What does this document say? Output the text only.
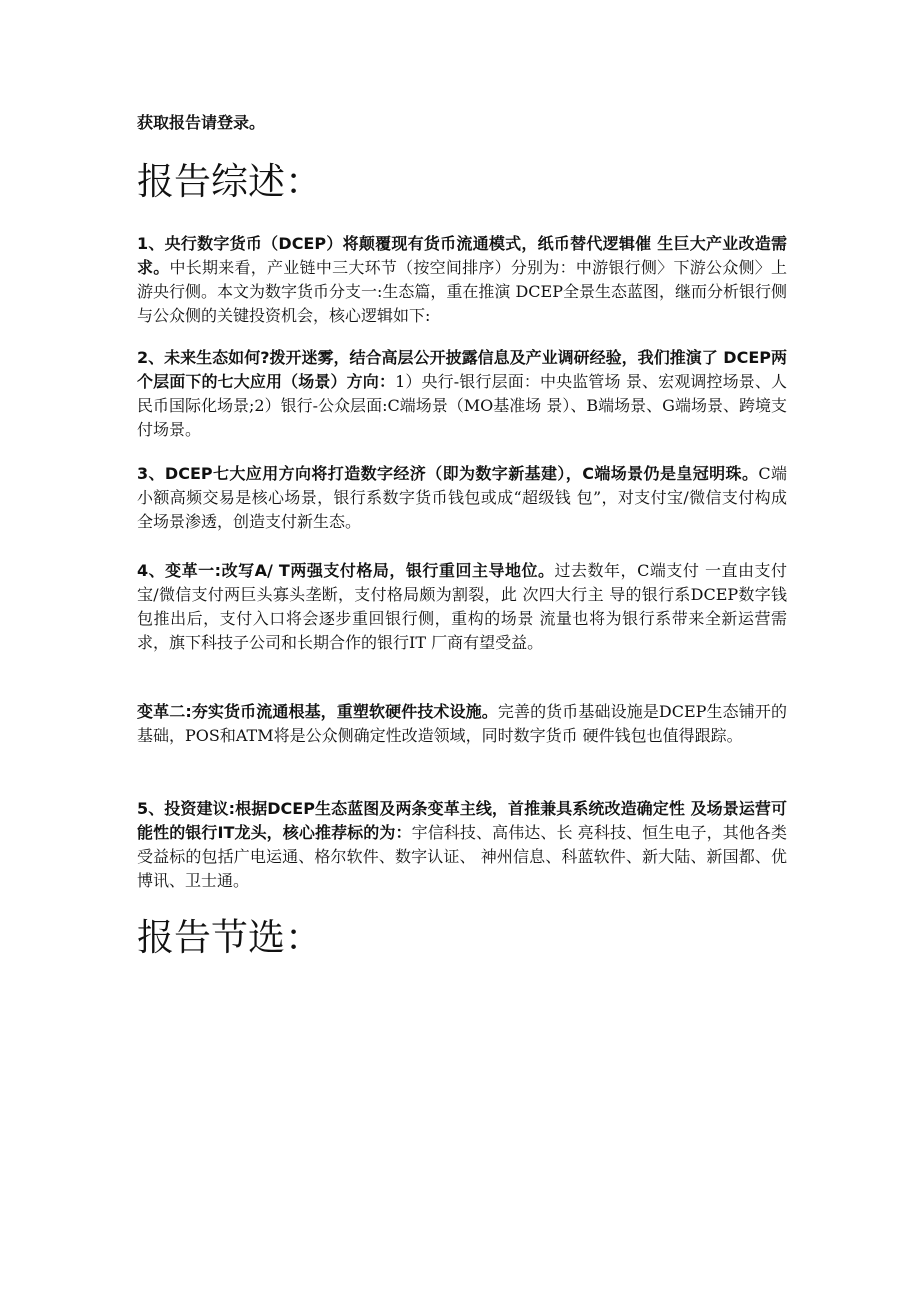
获取报告请登录。
报告综述：

1、央行数字货币（DCEP）将颠覆现有货币流通模式，纸币替代逻辑催 生巨大产业改造需求。中长期来看，产业链中三大环节（按空间排序）分别为：中游银行侧〉下游公众侧〉上游央行侧。本文为数字货币分支一:生态篇，重在推演 DCEP全景生态蓝图，继而分析银行侧与公众侧的关键投资机会，核心逻辑如下:

2、未来生态如何?拨开迷雾，结合高层公开披露信息及产业调研经验，我们推演了 DCEP两个层面下的七大应用（场景）方向：1）央行-银行层面：中央监管场 景、宏观调控场景、人民币国际化场景;2）银行-公众层面:C端场景（MO基准场 景）、B端场景、G端场景、跨境支付场景。

3、DCEP七大应用方向将打造数字经济（即为数字新基建），C端场景仍是皇冠明珠。C端小额高频交易是核心场景，银行系数字货币钱包或成“超级钱 包”，对支付宝/微信支付构成全场景渗透，创造支付新生态。

4、变革一:改写A/ T两强支付格局，银行重回主导地位。过去数年，C端支付 一直由支付宝/微信支付两巨头寡头垄断，支付格局颇为割裂，此 次四大行主 导的银行系DCEP数字钱包推出后，支付入口将会逐步重回银行侧，重构的场景 流量也将为银行系带来全新运营需求，旗下科技子公司和长期合作的银行IT 厂商有望受益。

变革二:夯实货币流通根基，重塑软硬件技术设施。完善的货币基础设施是DCEP生态铺开的基础，POS和ATM将是公众侧确定性改造领域，同时数字货币 硬件钱包也值得跟踪。

5、投资建议:根据DCEP生态蓝图及两条变革主线，首推兼具系统改造确定性 及场景运营可能性的银行IT龙头，核心推荐标的为：宇信科技、高伟达、长 亮科技、恒生电子，其他各类受益标的包括广电运通、格尔软件、数字认证、 神州信息、科蓝软件、新大陆、新国都、优博讯、卫士通。

报告节选：
